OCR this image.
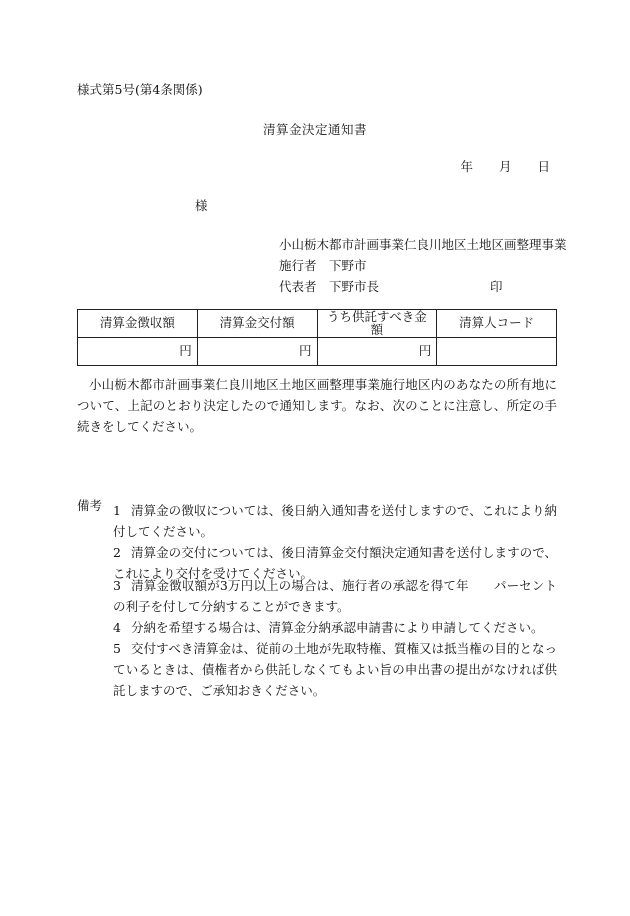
様式第5号(第4条関係)
清算金決定通知書
年 月 日
様
小山栃木都市計画事業仁良川地区土地区画整理事業
施行者 下野市
代表者 下野市長	印
清算金徴収額	清算金交付額	うち供託すべき金額	清算人コード
円	円	円	
小山栃木都市計画事業仁良川地区土地区画整理事業施行地区内のあなたの所有地について、上記のとおり決定したので通知します。なお、次のことに注意し、所定の手続きをしてください。
備考 1 清算金の徴収については、後日納入通知書を送付しますので、これにより納付してください。
2 清算金の交付については、後日清算金交付額決定通知書を送付しますので、これにより交付を受けてください。
3 清算金徴収額が3万円以上の場合は、施行者の承認を得て年　　パーセントの利子を付して分納することができます。
4 分納を希望する場合は、清算金分納承認申請書により申請してください。
5 交付すべき清算金は、従前の土地が先取特権、質権又は抵当権の目的となっているときは、債権者から供託しなくてもよい旨の申出書の提出がなければ供託しますので、ご承知おきください。
